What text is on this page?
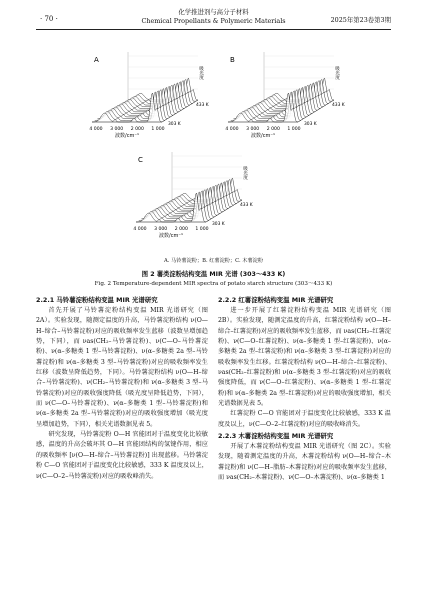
· 70 ·
化学推进剂与高分子材料
Chemical Propellants & Polymeric Materials	2025年第23卷第3期
4 000 3 000 2 000 1 000
波数/cm⁻¹
303 K
433 K
吸光度
A
4 000 3 000 2 000 1 000
波数/cm⁻¹
303 K
433 K
吸光度
B
4 000 3 000 2 000 1 000
波数/cm⁻¹
303 K
433 K
吸光度
C
A. 马铃薯淀粉；B. 红薯淀粉；C. 木薯淀粉
图 2 薯类淀粉结构变温 MIR 光谱 (303～433 K)
Fig. 2 Temperature-dependent MIR spectra of potato starch structure (303～433 K)

2.2.1 马铃薯淀粉结构变温 MIR 光谱研究

首先开展了马铃薯淀粉结构变温 MIR 光谱研究（图 2A）。实验发现，随测定温度的升高，马铃薯淀粉结构 ν(O—H–缔合–马铃薯淀粉)对应的吸收频率发生蓝移（波数呈增加趋势，下同），而 νas(CH₂–马铃薯淀粉)、ν(C—O–马铃薯淀粉)、ν(α–多糖类 1 型–马铃薯淀粉)、ν(α–多糖类 2a 型–马铃薯淀粉)和 ν(α–多糖类 3 型–马铃薯淀粉)对应的吸收频率发生红移（波数呈降低趋势，下同）。马铃薯淀粉结构 ν(O—H–缔合–马铃薯淀粉)、ν(CH₂–马铃薯淀粉)和 ν(α–多糖类 3 型–马铃薯淀粉)对应的吸收强度降低（吸光度呈降低趋势，下同），而 ν(C—O–马铃薯淀粉)、ν(α–多糖类 1 型–马铃薯淀粉)和 ν(α–多糖类 2a 型–马铃薯淀粉)对应的吸收强度增加（吸光度呈增加趋势，下同），相关光谱数据见表 5。

研究发现，马铃薯淀粉 O—H 官能团对于温度变化比较敏感，温度的升高会破坏其 O—H 官能团结构的氢键作用，相应的吸收频率 [ν(O—H–缔合–马铃薯淀粉)] 出现蓝移。马铃薯淀粉 C—O 官能团对于温度变化比较敏感，333 K 温度及以上，ν(C—O–2–马铃薯淀粉)对应的吸收峰消失。

2.2.2 红薯淀粉结构变温 MIR 光谱研究

进一步开展了红薯淀粉结构变温 MIR 光谱研究（图 2B）。实验发现，随测定温度的升高，红薯淀粉结构 ν(O—H–缔合–红薯淀粉)对应的吸收频率发生蓝移，而 νas(CH₂–红薯淀粉)、ν(C—O–红薯淀粉)、ν(α–多糖类 1 型–红薯淀粉)、ν(α–多糖类 2a 型–红薯淀粉)和 ν(α–多糖类 3 型–红薯淀粉)对应的吸收频率发生红移。红薯淀粉结构 ν(O—H–缔合–红薯淀粉)、νas(CH₂–红薯淀粉)和 ν(α–多糖类 3 型–红薯淀粉)对应的吸收强度降低，而 ν(C—O–红薯淀粉)、ν(α–多糖类 1 型–红薯淀粉)和 ν(α–多糖类 2a 型–红薯淀粉)对应的吸收强度增加，相关光谱数据见表 5。

红薯淀粉 C—O 官能团对于温度变化比较敏感，333 K 温度及以上，ν(C—O–2–红薯淀粉)对应的吸收峰消失。

2.2.3 木薯淀粉结构变温 MIR 光谱研究

开展了木薯淀粉结构变温 MIR 光谱研究（图 2C）。实验发现，随着测定温度的升高，木薯淀粉结构 ν(O—H–缔合–木薯淀粉)和 ν(C—H–脂肪–木薯淀粉)对应的吸收频率发生蓝移，而 νas(CH₂–木薯淀粉)、ν(C—O–木薯淀粉)、ν(α–多糖类 1
